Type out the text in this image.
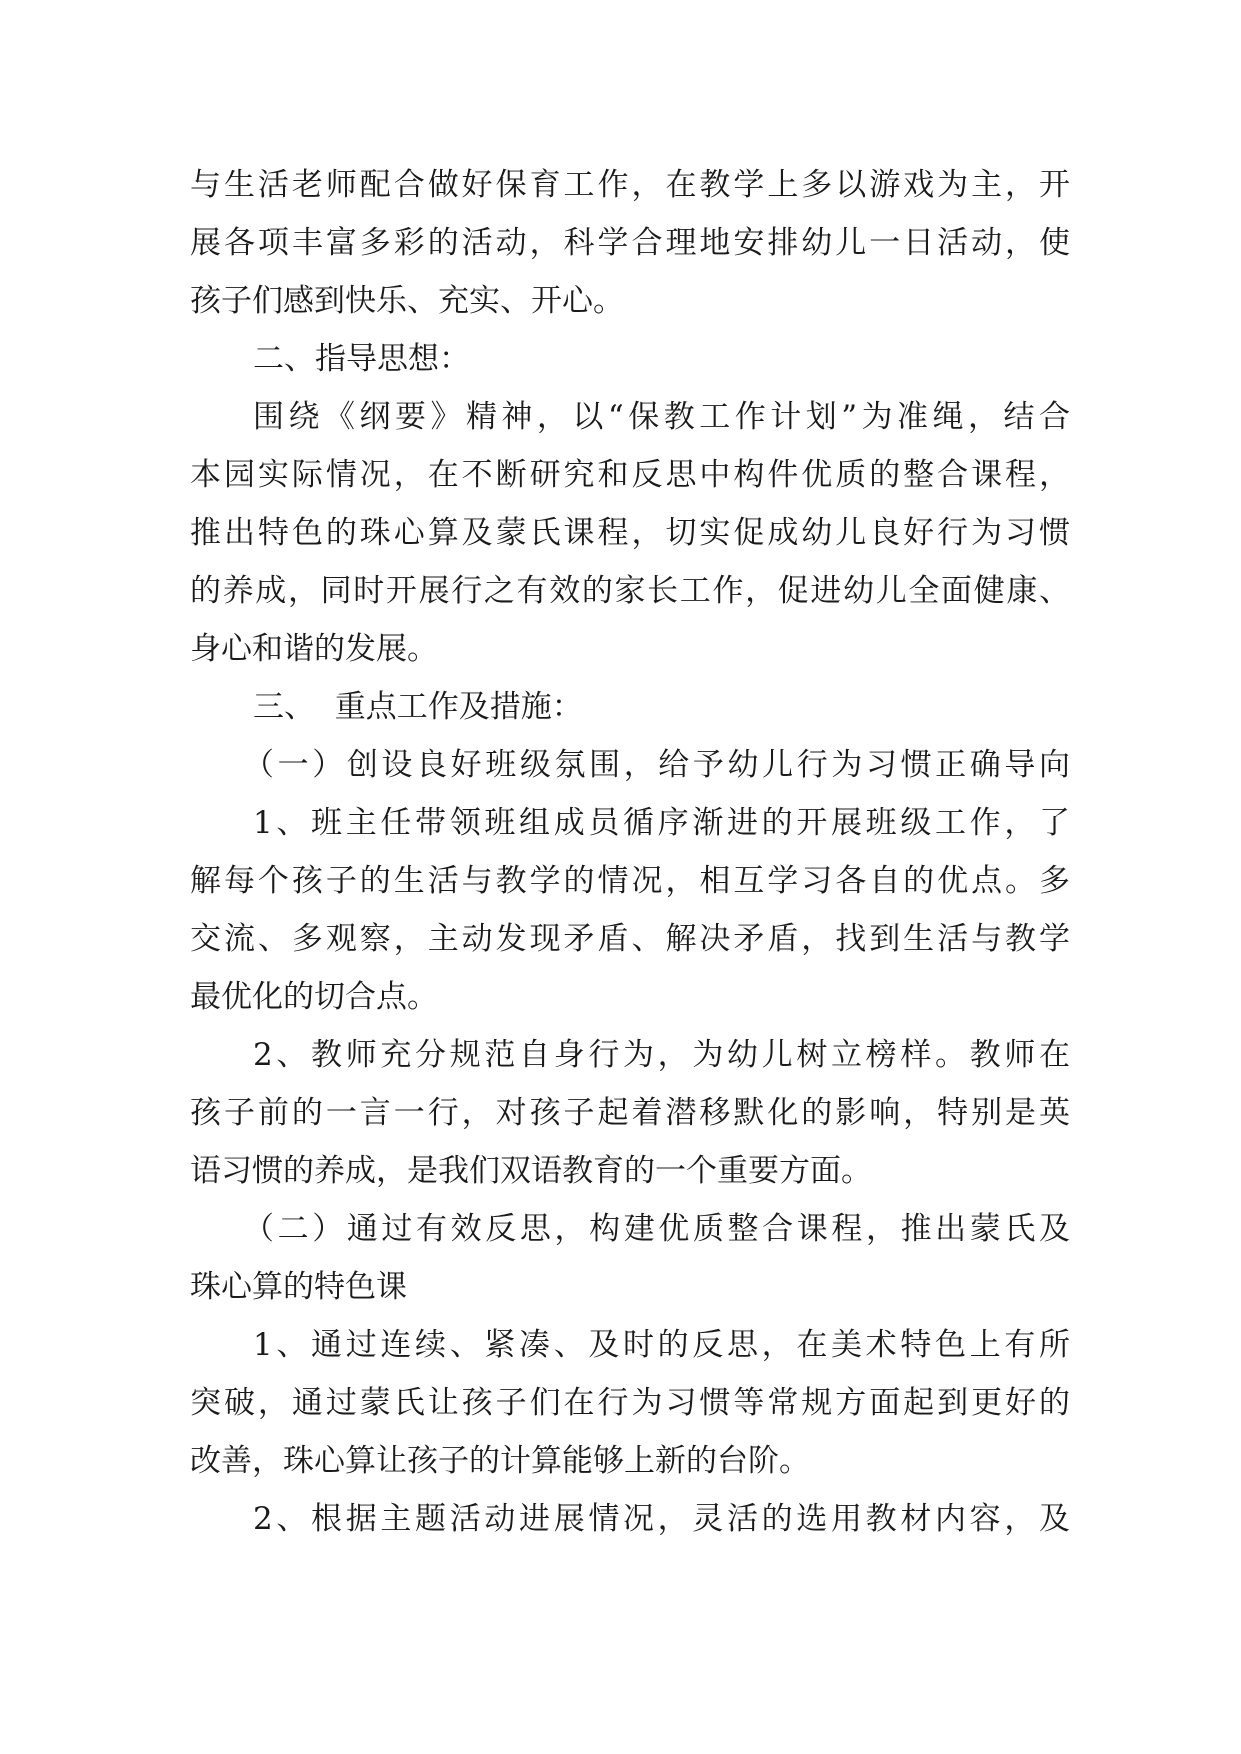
与生活老师配合做好保育工作，在教学上多以游戏为主，开
展各项丰富多彩的活动，科学合理地安排幼儿一日活动，使
孩子们感到快乐、充实、开心。
二、指导思想：
围绕《纲要》精神，以“保教工作计划”为准绳，结合
本园实际情况，在不断研究和反思中构件优质的整合课程，
推出特色的珠心算及蒙氏课程，切实促成幼儿良好行为习惯
的养成，同时开展行之有效的家长工作，促进幼儿全面健康、
身心和谐的发展。
三、  重点工作及措施：
（一）创设良好班级氛围，给予幼儿行为习惯正确导向
1、班主任带领班组成员循序渐进的开展班级工作，了
解每个孩子的生活与教学的情况，相互学习各自的优点。多
交流、多观察，主动发现矛盾、解决矛盾，找到生活与教学
最优化的切合点。
2、教师充分规范自身行为，为幼儿树立榜样。教师在
孩子前的一言一行，对孩子起着潜移默化的影响，特别是英
语习惯的养成，是我们双语教育的一个重要方面。
（二）通过有效反思，构建优质整合课程，推出蒙氏及
珠心算的特色课
1、通过连续、紧凑、及时的反思，在美术特色上有所
突破，通过蒙氏让孩子们在行为习惯等常规方面起到更好的
改善，珠心算让孩子的计算能够上新的台阶。
2、根据主题活动进展情况，灵活的选用教材内容，及
